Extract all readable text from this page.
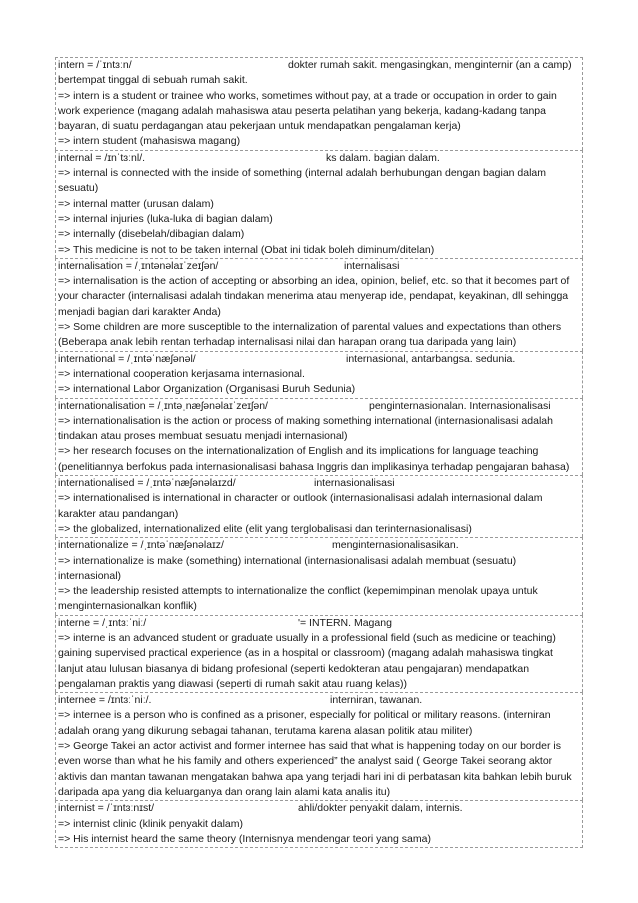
intern = /ˈɪntɜːn/	dokter rumah sakit. mengasingkan, menginternir (an a camp)
bertempat tinggal di sebuah rumah sakit.
=> intern is a student or trainee who works, sometimes without pay, at a trade or occupation in order to gain work experience (magang adalah mahasiswa atau peserta pelatihan yang bekerja, kadang-kadang tanpa bayaran, di suatu perdagangan atau pekerjaan untuk mendapatkan pengalaman kerja)
=> intern student (mahasiswa magang)
internal = /ɪnˈtɜːnl/.	ks dalam. bagian dalam.
=> internal is connected with the inside of something (internal adalah berhubungan dengan bagian dalam sesuatu)
=> internal matter (urusan dalam)
=> internal injuries (luka-luka di bagian dalam)
=> internally (disebelah/dibagian dalam)
=> This medicine is not to be taken internal (Obat ini tidak boleh diminum/ditelan)
internalisation = /ˌɪntənəlaɪˈzeɪʃən/	internalisasi
=> internalisation is the action of accepting or absorbing an idea, opinion, belief, etc. so that it becomes part of your character (internalisasi adalah tindakan menerima atau menyerap ide, pendapat, keyakinan, dll sehingga menjadi bagian dari karakter Anda)
=> Some children are more susceptible to the internalization of parental values and expectations than others (Beberapa anak lebih rentan terhadap internalisasi nilai dan harapan orang tua daripada yang lain)
international = /ˌɪntəˈnæʃənəl/	internasional, antarbangsa. sedunia.
=> international cooperation kerjasama internasional.
=> international Labor Organization (Organisasi Buruh Sedunia)
internationalisation = /ˌɪntəˌnæʃənəlaɪˈzeɪʃən/	penginternasionalan. Internasionalisasi
=> internationalisation is the action or process of making something international (internasionalisasi adalah tindakan atau proses membuat sesuatu menjadi internasional)
=> her research focuses on the internationalization of English and its implications for language teaching (penelitiannya berfokus pada internasionalisasi bahasa Inggris dan implikasinya terhadap pengajaran bahasa)
internationalised = /ˌɪntəˈnæʃənəlaɪzd/	internasionalisasi
=> internationalised is international in character or outlook (internasionalisasi adalah internasional dalam karakter atau pandangan)
=> the globalized, internationalized elite (elit yang terglobalisasi dan terinternasionalisasi)
internationalize = /ˌɪntəˈnæʃənəlaɪz/	menginternasionalisasikan.
=> internationalize is make (something) international (internasionalisasi adalah membuat (sesuatu) internasional)
=> the leadership resisted attempts to internationalize the conflict (kepemimpinan menolak upaya untuk menginternasionalkan konflik)
interne = /ˌɪntɜːˈniː/	'= INTERN. Magang
=> interne is an advanced student or graduate usually in a professional field (such as medicine or teaching) gaining supervised practical experience (as in a hospital or classroom) (magang adalah mahasiswa tingkat lanjut atau lulusan biasanya di bidang profesional (seperti kedokteran atau pengajaran) mendapatkan pengalaman praktis yang diawasi (seperti di rumah sakit atau ruang kelas))
internee = /ɪntɜːˈniː/.	interniran, tawanan.
=> internee is a person who is confined as a prisoner, especially for political or military reasons. (interniran adalah orang yang dikurung sebagai tahanan, terutama karena alasan politik atau militer)
=> George Takei an actor activist and former internee has said that what is happening today on our border is even worse than what he his family and others experienced” the analyst said ( George Takei seorang aktor aktivis dan mantan tawanan mengatakan bahwa apa yang terjadi hari ini di perbatasan kita bahkan lebih buruk daripada apa yang dia keluarganya dan orang lain alami kata analis itu)
internist = /ˈɪntɜːnɪst/	ahli/dokter penyakit dalam, internis.
=> internist clinic (klinik penyakit dalam)
=> His internist heard the same theory (Internisnya mendengar teori yang sama)
